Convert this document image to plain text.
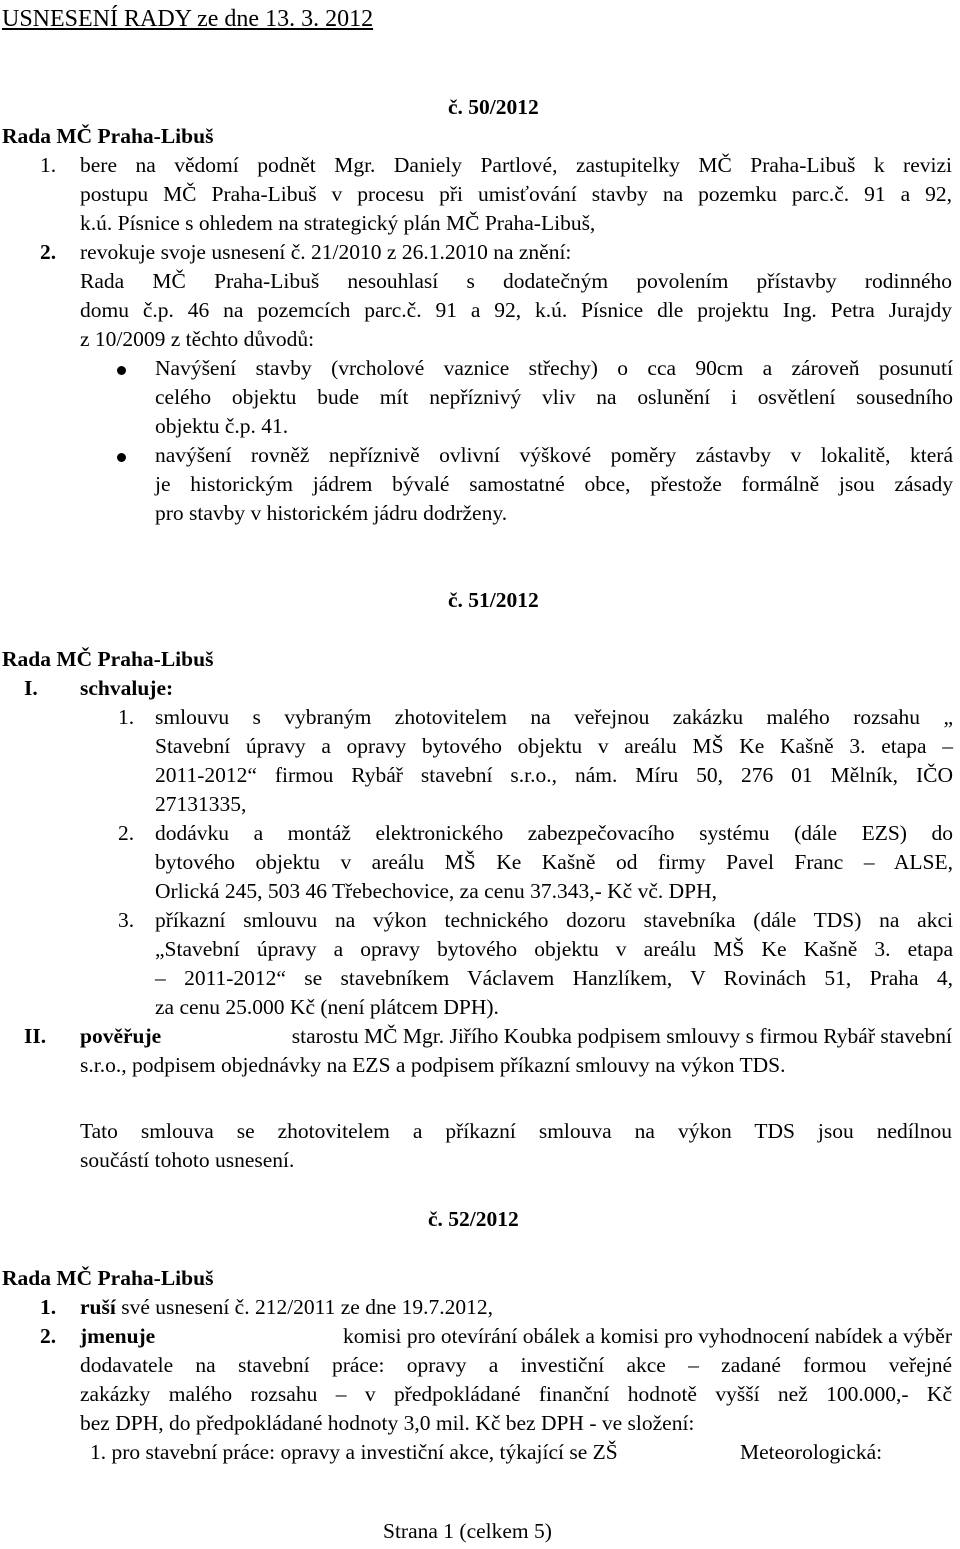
USNESENÍ RADY ze dne 13. 3. 2012
č. 50/2012
Rada MČ Praha-Libuš
1. bere na vědomí podnět Mgr. Daniely Partlové, zastupitelky MČ Praha-Libuš k revizi
postupu MČ Praha-Libuš v procesu při umisťování stavby na pozemku parc.č. 91 a 92,
k.ú. Písnice s ohledem na strategický plán MČ Praha-Libuš,
2. revokuje svoje usnesení č. 21/2010 z 26.1.2010 na znění:
Rada MČ Praha-Libuš nesouhlasí s dodatečným povolením přístavby rodinného
domu č.p. 46 na pozemcích parc.č. 91 a 92, k.ú. Písnice dle projektu Ing. Petra Jurajdy
z 10/2009 z těchto důvodů:
Navýšení stavby (vrcholové vaznice střechy) o cca 90cm a zároveň posunutí
celého objektu bude mít nepříznivý vliv na oslunění i osvětlení sousedního
objektu č.p. 41.
navýšení rovněž nepříznivě ovlivní výškové poměry zástavby v lokalitě, která
je historickým jádrem bývalé samostatné obce, přestože formálně jsou zásady
pro stavby v historickém jádru dodrženy.
č. 51/2012
Rada MČ Praha-Libuš
I. schvaluje:
1. smlouvu s vybraným zhotovitelem na veřejnou zakázku malého rozsahu „
Stavební úpravy a opravy bytového objektu v areálu MŠ Ke Kašně 3. etapa –
2011-2012“ firmou Rybář stavební s.r.o., nám. Míru 50, 276 01 Mělník, IČO
27131335,
2. dodávku a montáž elektronického zabezpečovacího systému (dále EZS) do
bytového objektu v areálu MŠ Ke Kašně od firmy Pavel Franc – ALSE,
Orlická 245, 503 46 Třebechovice, za cenu 37.343,- Kč vč. DPH,
3. příkazní smlouvu na výkon technického dozoru stavebníka (dále TDS) na akci
„Stavební úpravy a opravy bytového objektu v areálu MŠ Ke Kašně 3. etapa
– 2011-2012“ se stavebníkem Václavem Hanzlíkem, V Rovinách 51, Praha 4,
za cenu 25.000 Kč (není plátcem DPH).
II. pověřuje	starostu MČ Mgr. Jiřího Koubka podpisem smlouvy s firmou Rybář stavební
s.r.o., podpisem objednávky na EZS a podpisem příkazní smlouvy na výkon TDS.
Tato smlouva se zhotovitelem a příkazní smlouva na výkon TDS jsou nedílnou
součástí tohoto usnesení.
č. 52/2012
Rada MČ Praha-Libuš
1. ruší své usnesení č. 212/2011 ze dne 19.7.2012,
2. jmenuje	komisi pro otevírání obálek a komisi pro vyhodnocení nabídek a výběr
dodavatele na stavební práce: opravy a investiční akce – zadané formou veřejné
zakázky malého rozsahu – v předpokládané finanční hodnotě vyšší než 100.000,- Kč
bez DPH, do předpokládané hodnoty 3,0 mil. Kč bez DPH - ve složení:
1. pro stavební práce: opravy a investiční akce, týkající se ZŠ	Meteorologická:
Strana 1 (celkem 5)
